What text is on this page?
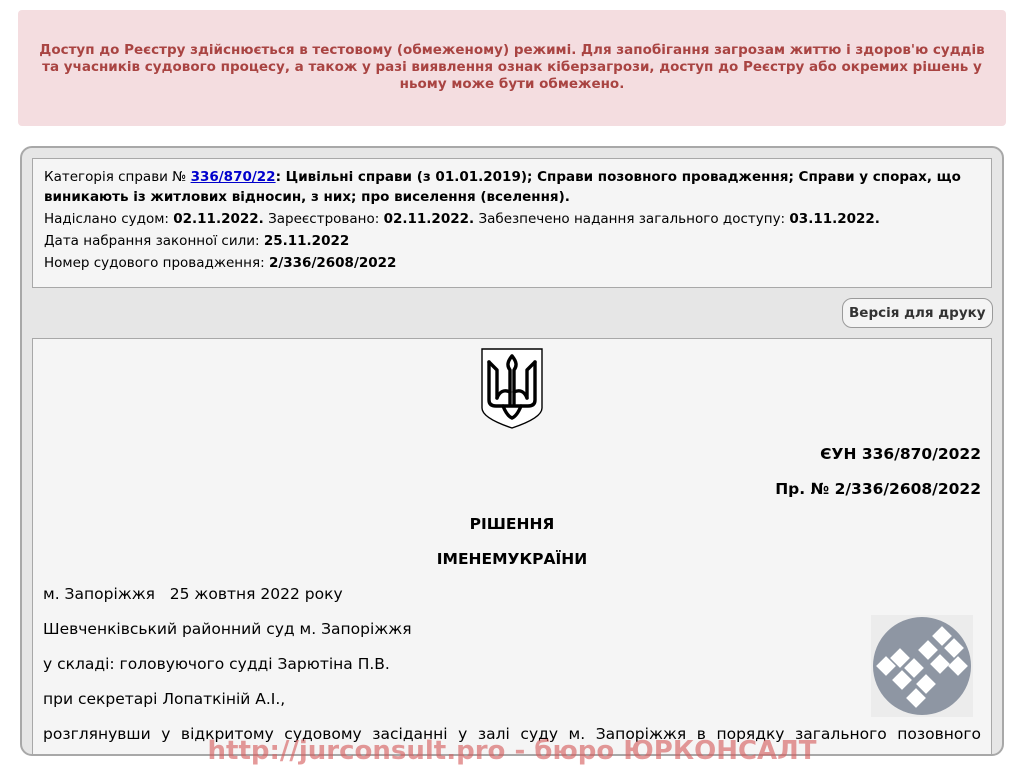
Доступ до Реєстру здійснюється в тестовому (обмеженому) режимі. Для запобігання загрозам життю і здоров'ю суддів та учасників судового процесу, а також у разі виявлення ознак кіберзагрози, доступ до Реєстру або окремих рішень у ньому може бути обмежено.
Категорія справи № 336/870/22: Цивільні справи (з 01.01.2019); Справи позовного провадження; Справи у спорах, що виникають із житлових відносин, з них; про виселення (вселення).
Надіслано судом: 02.11.2022. Зареєстровано: 02.11.2022. Забезпечено надання загального доступу: 03.11.2022.
Дата набрання законної сили: 25.11.2022
Номер судового провадження: 2/336/2608/2022
Версія для друку
ЄУН 336/870/2022
Пр. № 2/336/2608/2022
РІШЕННЯ
ІМЕНЕМУКРАЇНИ
м. Запоріжжя   25 жовтня 2022 року
Шевченківський районний суд м. Запоріжжя
у складі: головуючого судді Зарютіна П.В.
при секретарі Лопаткіній А.І.,
розглянувши у відкритому судовому засіданні у залі суду м. Запоріжжя в порядку загального позовного
http://jurconsult.pro - бюро ЮРКОНСАЛТ
